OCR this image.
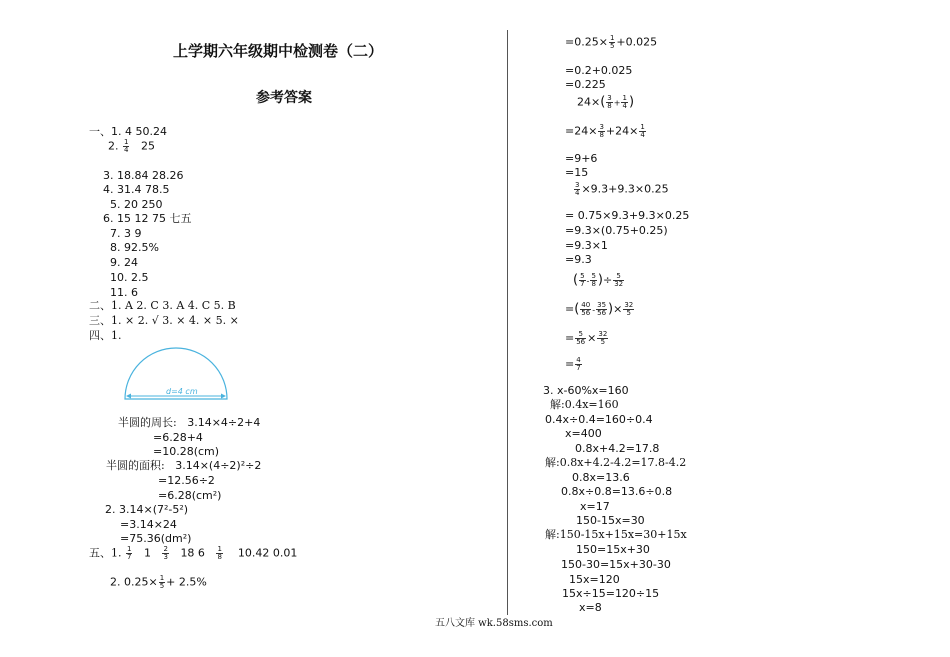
上学期六年级期中检测卷（二）
参考答案
一、1. 4 50.24
2. $\frac{1}{4} 25$
3. 18.84 28.26
4. 31.4 78.5
5. 20 250
6. 15 12 75 七五
7. 3 9
8. 92.5%
9. 24
10. 2.5
11. 6
二、1. A 2. C 3. A 4. C 5. B
三、1. × 2. √ 3. × 4. × 5. ×
四、1.
d=4 cm
半圆的周长: 3.14×4÷2+4
=6.28+4
=10.28(cm)
半圆的面积: 3.14×(4÷2)²÷2
=12.56÷2
=6.28(cm²)
2. 3.14×(7²-5²)
=3.14×24
=75.36(dm²)
五、1. $\frac{1}{7} 1 \frac{2}{3} 18$ $6 \frac{1}{8} 10.42$ 0.01
2. $0.25\times \frac{1}{5} + 2.5\%$
$=0.25\times \frac{1}{5} +0.025$
=0.2+0.025
=0.225
$24\times( \frac{3}{8} + \frac{1}{4}$ )
$=24\times \frac{3}{8} +24\times \frac{1}{4}$
=9+6
=15
$\frac{3}{4} \times 9.3+9.3\times 0.25$
= 0.75×9.3+9.3×0.25
=9.3×(0.75+0.25)
=9.3×1
=9.3
( $\frac{5}{7} - \frac{5}{8}$ )÷ $\frac{5}{32}$
=( $\frac{40}{56} - \frac{35}{56}$ )× $\frac{32}{5}$
= $\frac{5}{56} \times \frac{32}{5}$
= $\frac{4}{7}$
3. x-60%x=160
解:0.4x=160
0.4x÷0.4=160÷0.4
x=400
0.8x+4.2=17.8
解:0.8x+4.2-4.2=17.8-4.2
0.8x=13.6
0.8x÷0.8=13.6÷0.8
x=17
150-15x=30
解:150-15x+15x=30+15x
150=15x+30
150-30=15x+30-30
15x=120
15x÷15=120÷15
x=8
五八文库 wk.58sms.com
